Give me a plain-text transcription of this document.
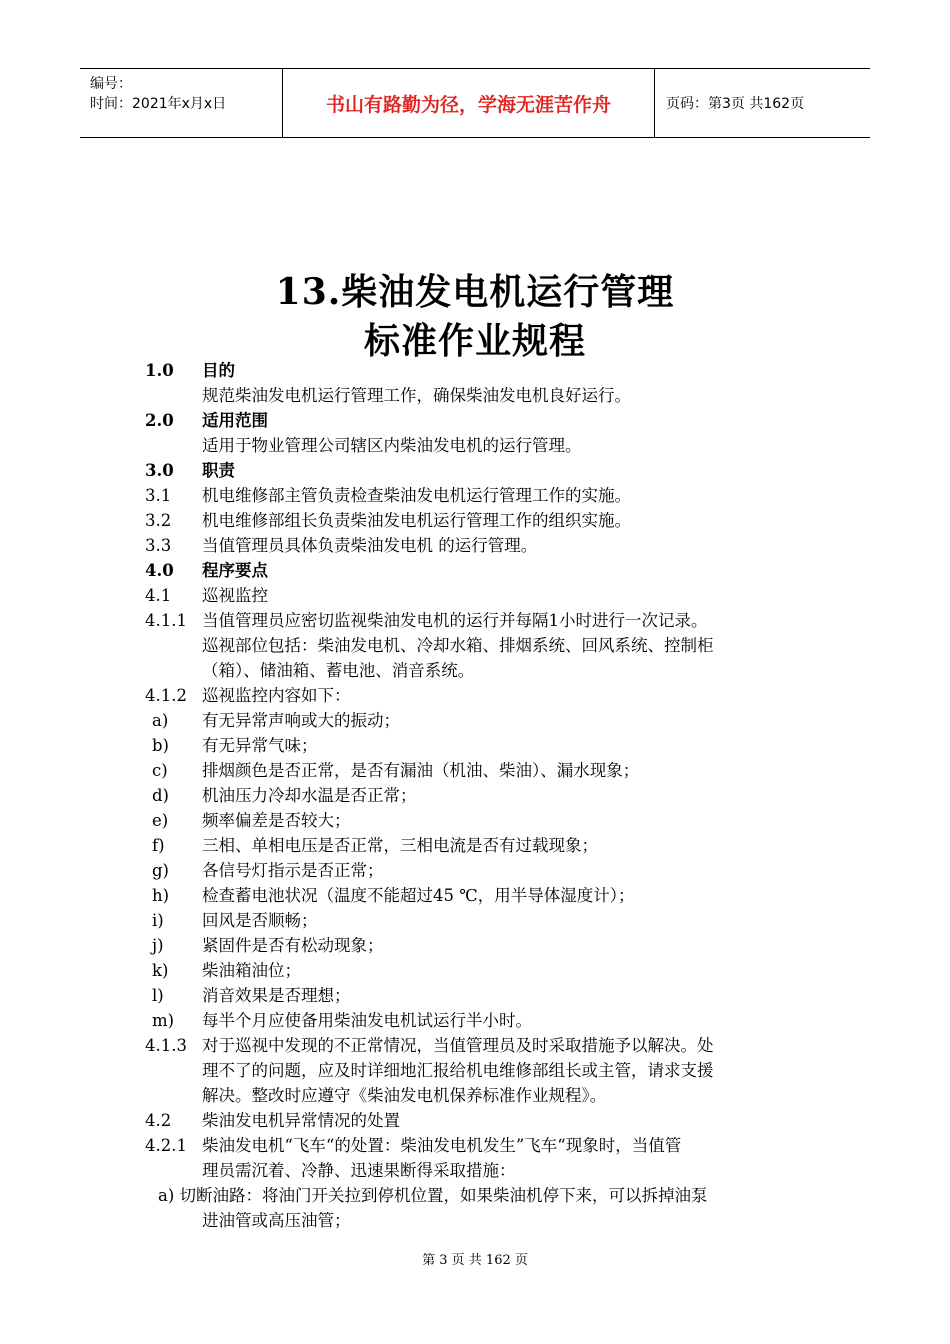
编号：
时间：2021年x月x日	书山有路勤为径，学海无涯苦作舟	页码：第3页 共162页
13.柴油发电机运行管理
标准作业规程
1.0 目的
规范柴油发电机运行管理工作，确保柴油发电机良好运行。
2.0 适用范围
适用于物业管理公司辖区内柴油发电机的运行管理。
3.0 职责
3.1 机电维修部主管负责检查柴油发电机运行管理工作的实施。
3.2 机电维修部组长负责柴油发电机运行管理工作的组织实施。
3.3 当值管理员具体负责柴油发电机 的运行管理。
4.0 程序要点
4.1 巡视监控
4.1.1 当值管理员应密切监视柴油发电机的运行并每隔1小时进行一次记录。
巡视部位包括：柴油发电机、冷却水箱、排烟系统、回风系统、控制柜
（箱）、储油箱、蓄电池、消音系统。
4.1.2 巡视监控内容如下：
a) 有无异常声响或大的振动；
b) 有无异常气味；
c) 排烟颜色是否正常，是否有漏油（机油、柴油）、漏水现象；
d) 机油压力冷却水温是否正常；
e) 频率偏差是否较大；
f) 三相、单相电压是否正常，三相电流是否有过载现象；
g) 各信号灯指示是否正常；
h) 检查蓄电池状况（温度不能超过45 ℃，用半导体湿度计）；
i) 回风是否顺畅；
j) 紧固件是否有松动现象；
k) 柴油箱油位；
l) 消音效果是否理想；
m) 每半个月应使备用柴油发电机试运行半小时。
4.1.3 对于巡视中发现的不正常情况，当值管理员及时采取措施予以解决。处
理不了的问题，应及时详细地汇报给机电维修部组长或主管，请求支援
解决。整改时应遵守《柴油发电机保养标准作业规程》。
4.2 柴油发电机异常情况的处置
4.2.1 柴油发电机“飞车“的处置：柴油发电机发生”飞车“现象时，当值管
理员需沉着、冷静、迅速果断得采取措施：
a) 切断油路：将油门开关拉到停机位置，如果柴油机停下来，可以拆掉油泵
进油管或高压油管；
第 3 页 共 162 页
